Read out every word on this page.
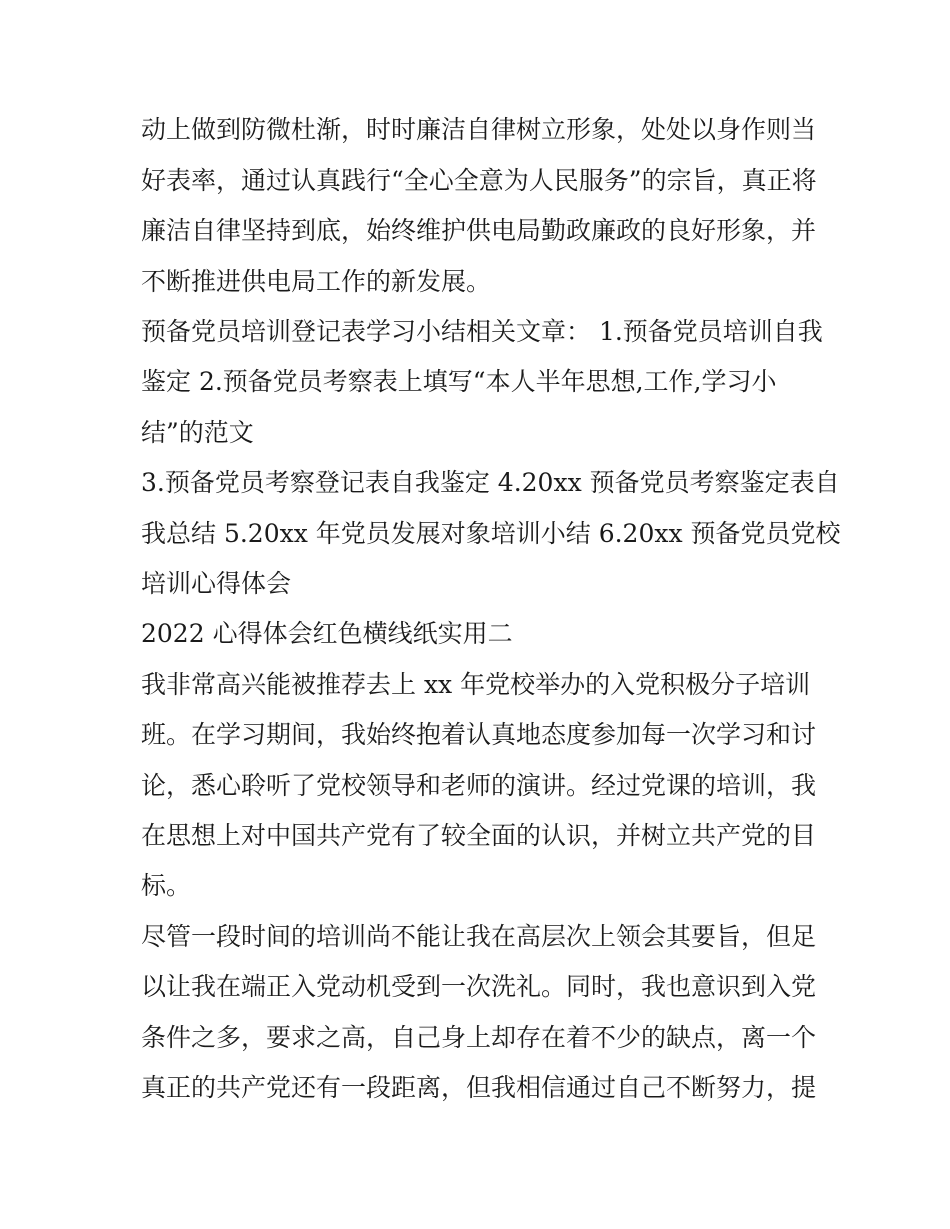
动上做到防微杜渐，时时廉洁自律树立形象，处处以身作则当
好表率，通过认真践行“全心全意为人民服务”的宗旨，真正将
廉洁自律坚持到底，始终维护供电局勤政廉政的良好形象，并
不断推进供电局工作的新发展。
预备党员培训登记表学习小结相关文章： 1.预备党员培训自我
鉴定 2.预备党员考察表上填写“本人半年思想,工作,学习小
结”的范文
3.预备党员考察登记表自我鉴定 4.20xx 预备党员考察鉴定表自
我总结 5.20xx 年党员发展对象培训小结 6.20xx 预备党员党校
培训心得体会
2022 心得体会红色横线纸实用二
我非常高兴能被推荐去上 xx 年党校举办的入党积极分子培训
班。在学习期间，我始终抱着认真地态度参加每一次学习和讨
论，悉心聆听了党校领导和老师的演讲。经过党课的培训，我
在思想上对中国共产党有了较全面的认识，并树立共产党的目
标。
尽管一段时间的培训尚不能让我在高层次上领会其要旨，但足
以让我在端正入党动机受到一次洗礼。同时，我也意识到入党
条件之多，要求之高，自己身上却存在着不少的缺点，离一个
真正的共产党还有一段距离，但我相信通过自己不断努力，提
